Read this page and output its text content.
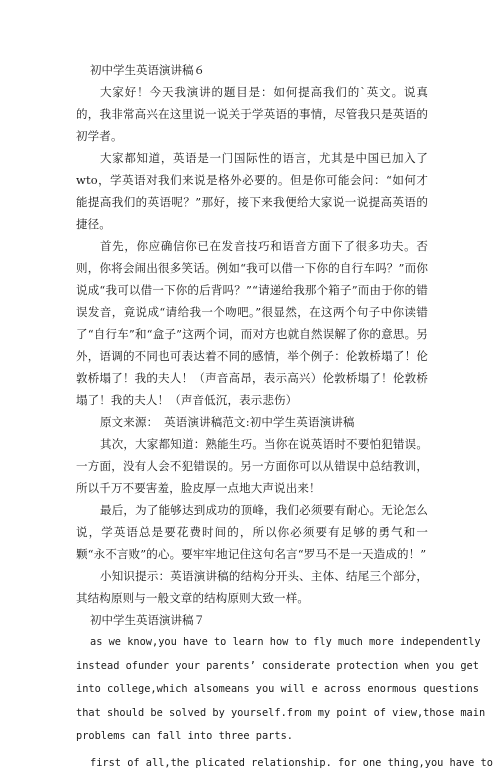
初中学生英语演讲稿６

大家好！今天我演讲的题目是：如何提高我们的`英文。说真的，我非常高兴在这里说一说关于学英语的事情，尽管我只是英语的初学者。

大家都知道，英语是一门国际性的语言，尤其是中国已加入了wto，学英语对我们来说是格外必要的。但是你可能会问：“如何才能提高我们的英语呢？”那好，接下来我便给大家说一说提高英语的捷径。

首先，你应确信你已在发音技巧和语音方面下了很多功夫。否则，你将会闹出很多笑话。例如“我可以借一下你的自行车吗？”而你说成“我可以借一下你的后背吗？”“请递给我那个箱子”而由于你的错误发音，竟说成“请给我一个吻吧。”很显然，在这两个句子中你读错了“自行车”和“盒子”这两个词，而对方也就自然误解了你的意思。另外，语调的不同也可表达着不同的感情，举个例子：伦敦桥塌了！伦敦桥塌了！我的夫人！（声音高昂，表示高兴）伦敦桥塌了！伦敦桥塌了！我的夫人！（声音低沉，表示悲伤）

原文来源：　英语演讲稿范文:初中学生英语演讲稿

其次，大家都知道：熟能生巧。当你在说英语时不要怕犯错误。一方面，没有人会不犯错误的。另一方面你可以从错误中总结教训，所以千万不要害羞，脸皮厚一点地大声说出来！

最后，为了能够达到成功的顶峰，我们必须要有耐心。无论怎么说，学英语总是要花费时间的，所以你必须要有足够的勇气和一颗“永不言败”的心。要牢牢地记住这句名言“罗马不是一天造成的！”

小知识提示：英语演讲稿的结构分开头、主体、结尾三个部分，其结构原则与一般文章的结构原则大致一样。

初中学生英语演讲稿７

as we know,you have to learn how to fly much more independently
instead ofunder your parents’ considerate protection when you get
into college,which alsomeans you will e across enormous questions
that should be solved by yourself.from my point of view,those main
problems can fall into three parts.

first of all,the plicated relationship. for one thing,you have to
